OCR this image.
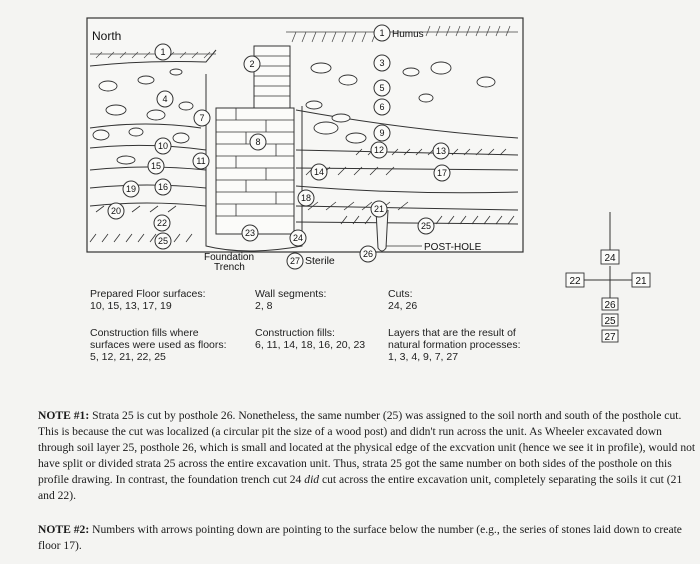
1
1
2	3
4
5
6
7
8
9
10
11
12	13
14
15
16
17
18
19
20	21
22
23	24
25
25
26
27
North	Humus
Foundation
Trench
Sterile
POST-HOLE
24
22	21
26
25
27
Prepared Floor surfaces:
10, 15, 13, 17, 19
Wall segments:
2, 8
Cuts:
24, 26
Construction fills where
surfaces were used as floors:
5, 12, 21, 22, 25
Construction fills:
6, 11, 14, 18, 16, 20, 23
Layers that are the result of
natural formation processes:
1, 3, 4, 9, 7, 27
NOTE #1: Strata 25 is cut by posthole 26. Nonetheless, the same number (25) was assigned to the soil north and south of the posthole cut. This is because the cut was localized (a circular pit the size of a wood post) and didn't run across the unit. As Wheeler excavated down through soil layer 25, posthole 26, which is small and located at the physical edge of the excvation unit (hence we see it in profile), would not have split or divided strata 25 across the entire excavation unit. Thus, strata 25 got the same number on both sides of the posthole on this profile drawing. In contrast, the foundation trench cut 24 did cut across the entire excavation unit, completely separating the soils it cut (21 and 22).
NOTE #2: Numbers with arrows pointing down are pointing to the surface below the number (e.g., the series of stones laid down to create floor 17).
